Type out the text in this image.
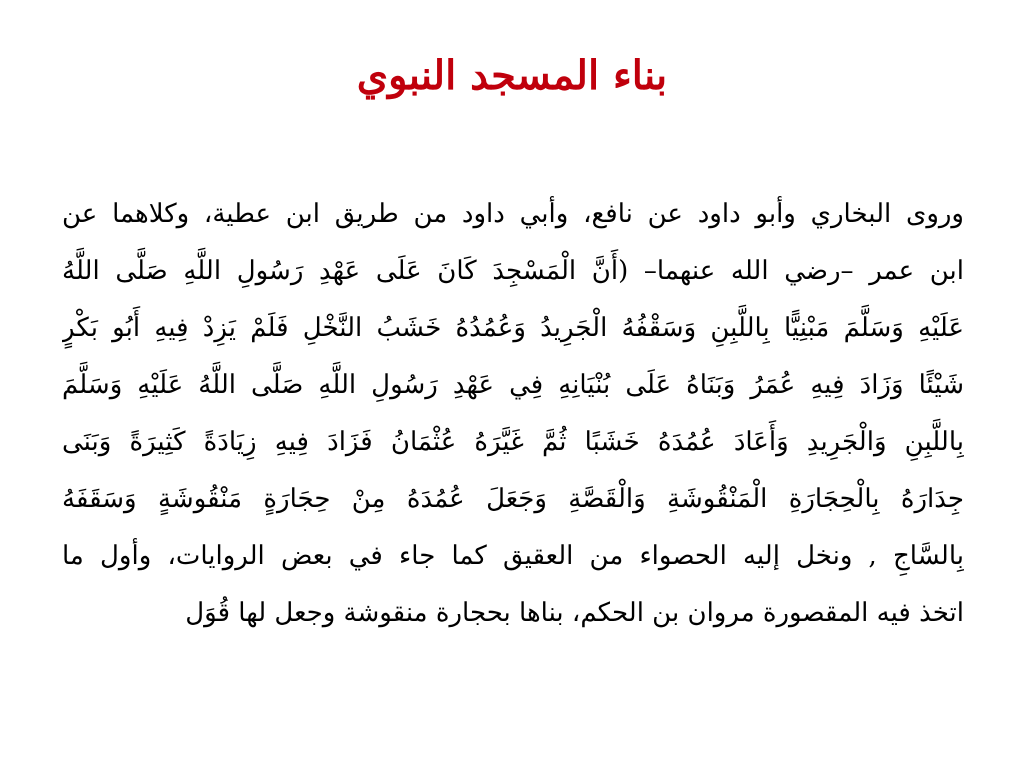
بناء المسجد النبوي
وروى البخاري وأبو داود عن نافع، وأبي داود من طريق ابن عطية، وكلاهما عن
ابن عمر –رضي الله عنهما– (أَنَّ الْمَسْجِدَ كَانَ عَلَى عَهْدِ رَسُولِ اللَّهِ صَلَّى اللَّهُ
عَلَيْهِ وَسَلَّمَ مَبْنِيًّا بِاللَّبِنِ وَسَقْفُهُ الْجَرِيدُ وَعُمُدُهُ خَشَبُ النَّخْلِ فَلَمْ يَزِدْ فِيهِ أَبُو بَكْرٍ
شَيْئًا وَزَادَ فِيهِ عُمَرُ وَبَنَاهُ عَلَى بُنْيَانِهِ فِي عَهْدِ رَسُولِ اللَّهِ صَلَّى اللَّهُ عَلَيْهِ وَسَلَّمَ
بِاللَّبِنِ وَالْجَرِيدِ وَأَعَادَ عُمُدَهُ خَشَبًا ثُمَّ غَيَّرَهُ عُثْمَانُ فَزَادَ فِيهِ زِيَادَةً كَثِيرَةً وَبَنَى
جِدَارَهُ بِالْحِجَارَةِ الْمَنْقُوشَةِ وَالْقَصَّةِ وَجَعَلَ عُمُدَهُ مِنْ حِجَارَةٍ مَنْقُوشَةٍ وَسَقَفَهُ
بِالسَّاجِ , ونخل إليه الحصواء من العقيق كما جاء في بعض الروايات، وأول ما
اتخذ فيه المقصورة مروان بن الحكم، بناها بحجارة منقوشة وجعل لها قُوَل
